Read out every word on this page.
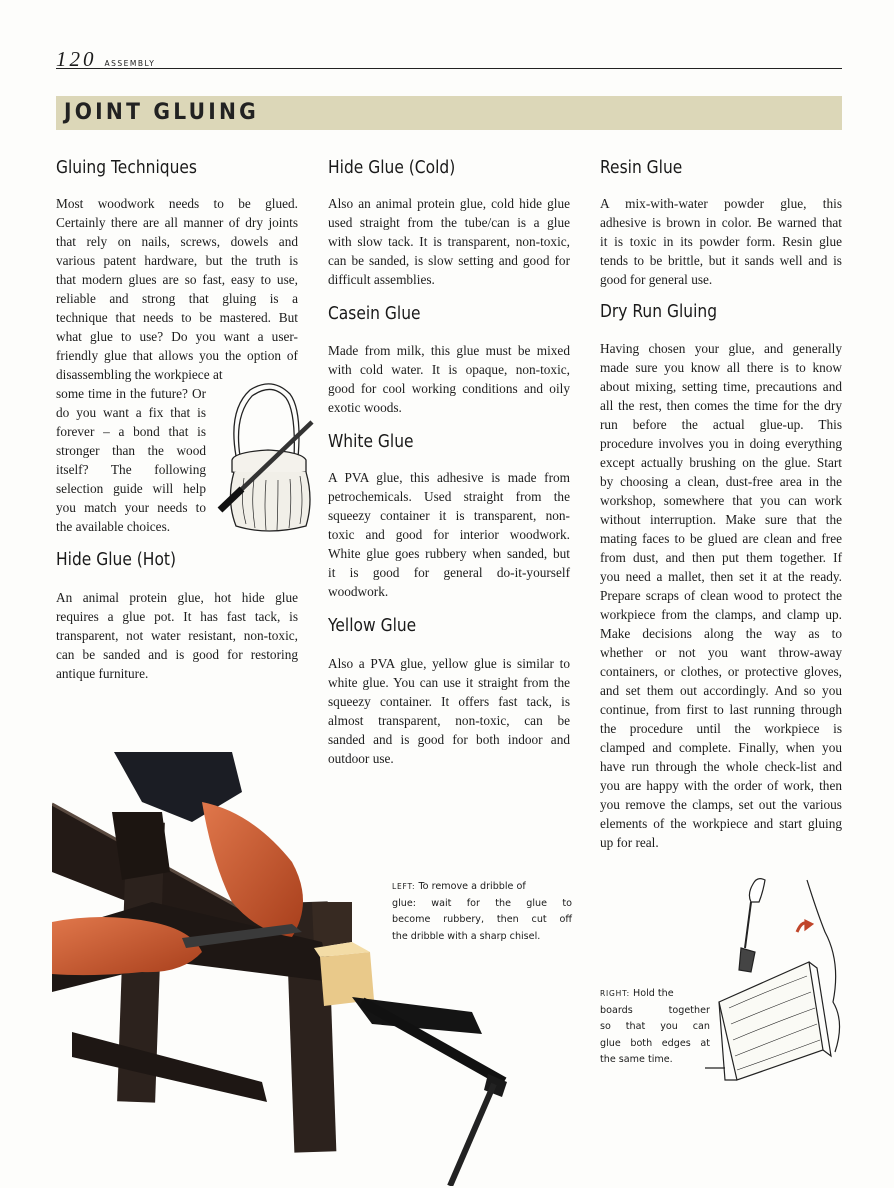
120 ASSEMBLY
JOINT GLUING
Gluing Techniques
Most woodwork needs to be glued.
Certainly there are all manner of dry joints
that rely on nails, screws, dowels and
various patent hardware, but the truth is
that modern glues are so fast, easy to use,
reliable and strong that gluing is a
technique that needs to be mastered. But
what glue to use? Do you want a user-
friendly glue that allows you the option of
disassembling the workpiece at
some time in the future? Or
do you want a fix that is
forever – a bond that is
stronger than the wood
itself? The following
selection guide will help
you match your needs to
the available choices.
Hide Glue (Hot)
An animal protein glue, hot hide glue
requires a glue pot. It has fast tack, is
transparent, not water resistant, non-toxic,
can be sanded and is good for restoring
antique furniture.
Hide Glue (Cold)
Also an animal protein glue, cold hide glue
used straight from the tube/can is a glue
with slow tack. It is transparent, non-toxic,
can be sanded, is slow setting and good for
difficult assemblies.
Casein Glue
Made from milk, this glue must be mixed
with cold water. It is opaque, non-toxic,
good for cool working conditions and oily
exotic woods.
White Glue
A PVA glue, this adhesive is made from
petrochemicals. Used straight from the
squeezy container it is transparent, non-
toxic and good for interior woodwork.
White glue goes rubbery when sanded, but
it is good for general do-it-yourself
woodwork.
Yellow Glue
Also a PVA glue, yellow glue is similar to
white glue. You can use it straight from the
squeezy container. It offers fast tack, is
almost transparent, non-toxic, can be
sanded and is good for both indoor and
outdoor use.
Resin Glue
A mix-with-water powder glue, this
adhesive is brown in color. Be warned that
it is toxic in its powder form. Resin glue
tends to be brittle, but it sands well and is
good for general use.
Dry Run Gluing
Having chosen your glue, and generally
made sure you know all there is to know
about mixing, setting time, precautions and
all the rest, then comes the time for the dry
run before the actual glue-up. This
procedure involves you in doing everything
except actually brushing on the glue. Start
by choosing a clean, dust-free area in the
workshop, somewhere that you can work
without interruption. Make sure that the
mating faces to be glued are clean and free
from dust, and then put them together. If
you need a mallet, then set it at the ready.
Prepare scraps of clean wood to protect the
workpiece from the clamps, and clamp up.
Make decisions along the way as to
whether or not you want throw-away
containers, or clothes, or protective gloves,
and set them out accordingly. And so you
continue, from first to last running through
the procedure until the workpiece is
clamped and complete. Finally, when you
have run through the whole check-list and
you are happy with the order of work, then
you remove the clamps, set out the various
elements of the workpiece and start gluing
up for real.
LEFT: To remove a dribble of
glue: wait for the glue to
become rubbery, then cut off
the dribble with a sharp chisel.
RIGHT: Hold the
boards together
so that you can
glue both edges at
the same time.
